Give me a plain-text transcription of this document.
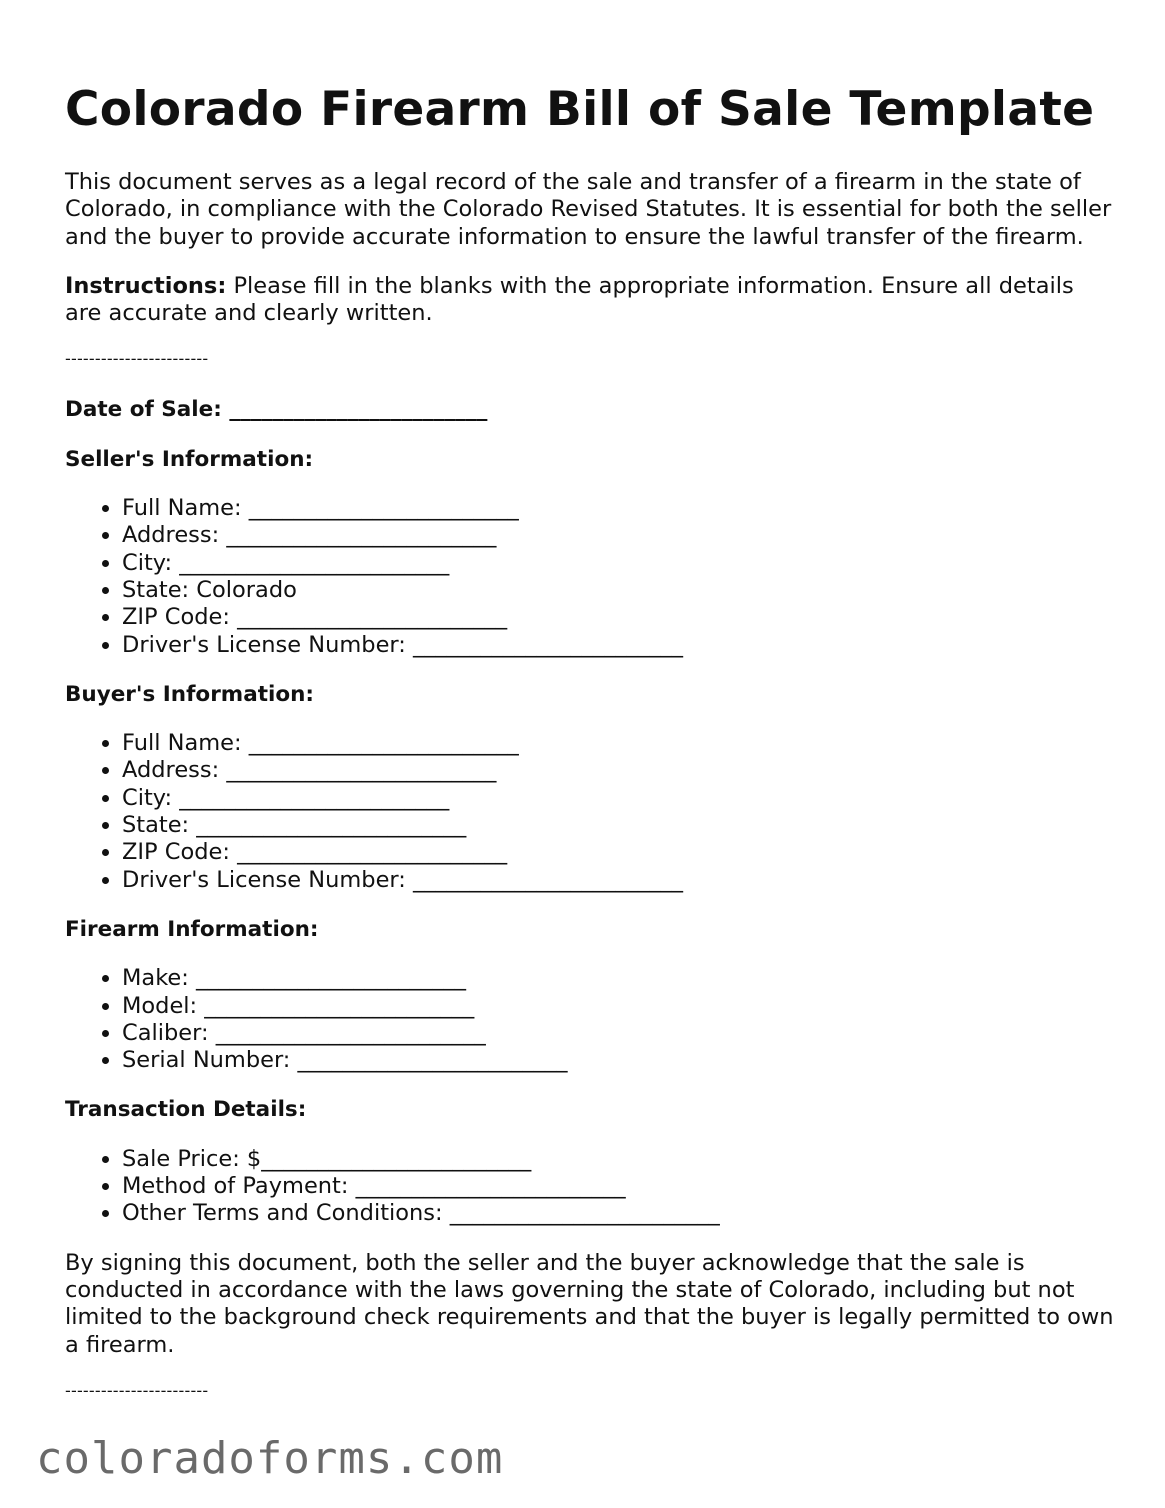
Colorado Firearm Bill of Sale Template

This document serves as a legal record of the sale and transfer of a firearm in the state of Colorado, in compliance with the Colorado Revised Statutes. It is essential for both the seller and the buyer to provide accurate information to ensure the lawful transfer of the firearm.

Instructions: Please fill in the blanks with the appropriate information. Ensure all details are accurate and clearly written.

------------------------

Date of Sale: ________________________

Seller's Information:
• Full Name: ________________________
• Address: ________________________
• City: ________________________
• State: Colorado
• ZIP Code: ________________________
• Driver's License Number: ________________________
Buyer's Information:
• Full Name: ________________________
• Address: ________________________
• City: ________________________
• State: ________________________
• ZIP Code: ________________________
• Driver's License Number: ________________________
Firearm Information:
• Make: ________________________
• Model: ________________________
• Caliber: ________________________
• Serial Number: ________________________
Transaction Details:
• Sale Price: $________________________
• Method of Payment: ________________________
• Other Terms and Conditions: ________________________

By signing this document, both the seller and the buyer acknowledge that the sale is conducted in accordance with the laws governing the state of Colorado, including but not limited to the background check requirements and that the buyer is legally permitted to own a firearm.

------------------------
coloradoforms.com
